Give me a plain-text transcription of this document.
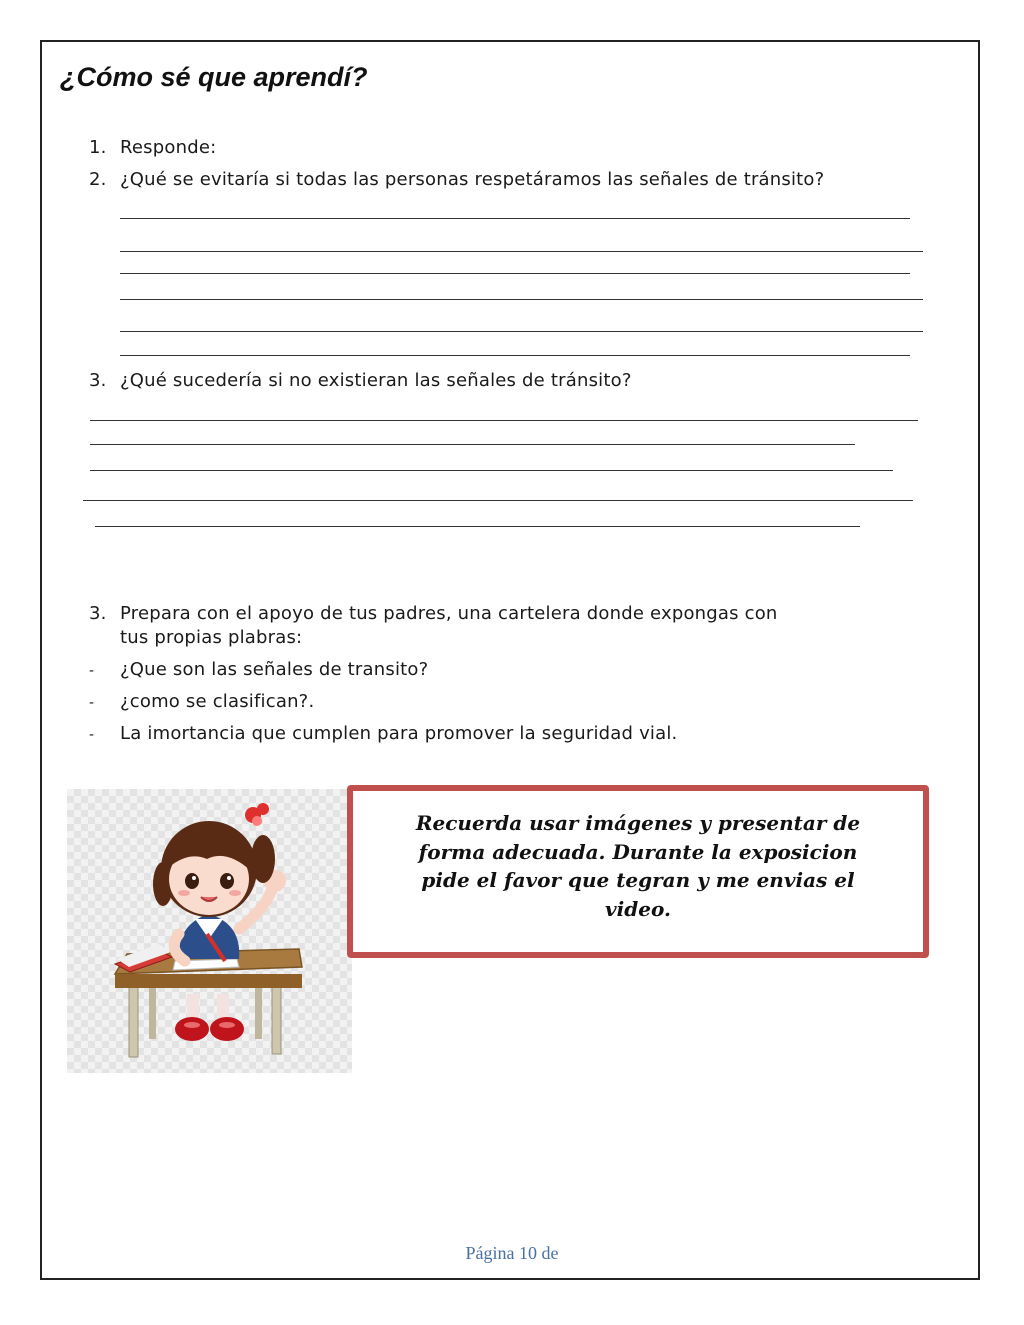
¿Cómo sé que aprendí?
1. Responde:
2. ¿Qué se evitaría si todas las personas respetáramos las señales de tránsito?
3. ¿Qué sucedería si no existieran las señales de tránsito?
3. Prepara con el apoyo de tus padres, una cartelera donde expongas con
tus propias plabras:
- ¿Que son las señales de transito?
- ¿como se clasifican?.
- La imortancia que cumplen para promover la seguridad vial.

Recuerda usar imágenes y presentar de forma adecuada. Durante la exposicion pide el favor que tegran y me envias el video.

Página 10 de
